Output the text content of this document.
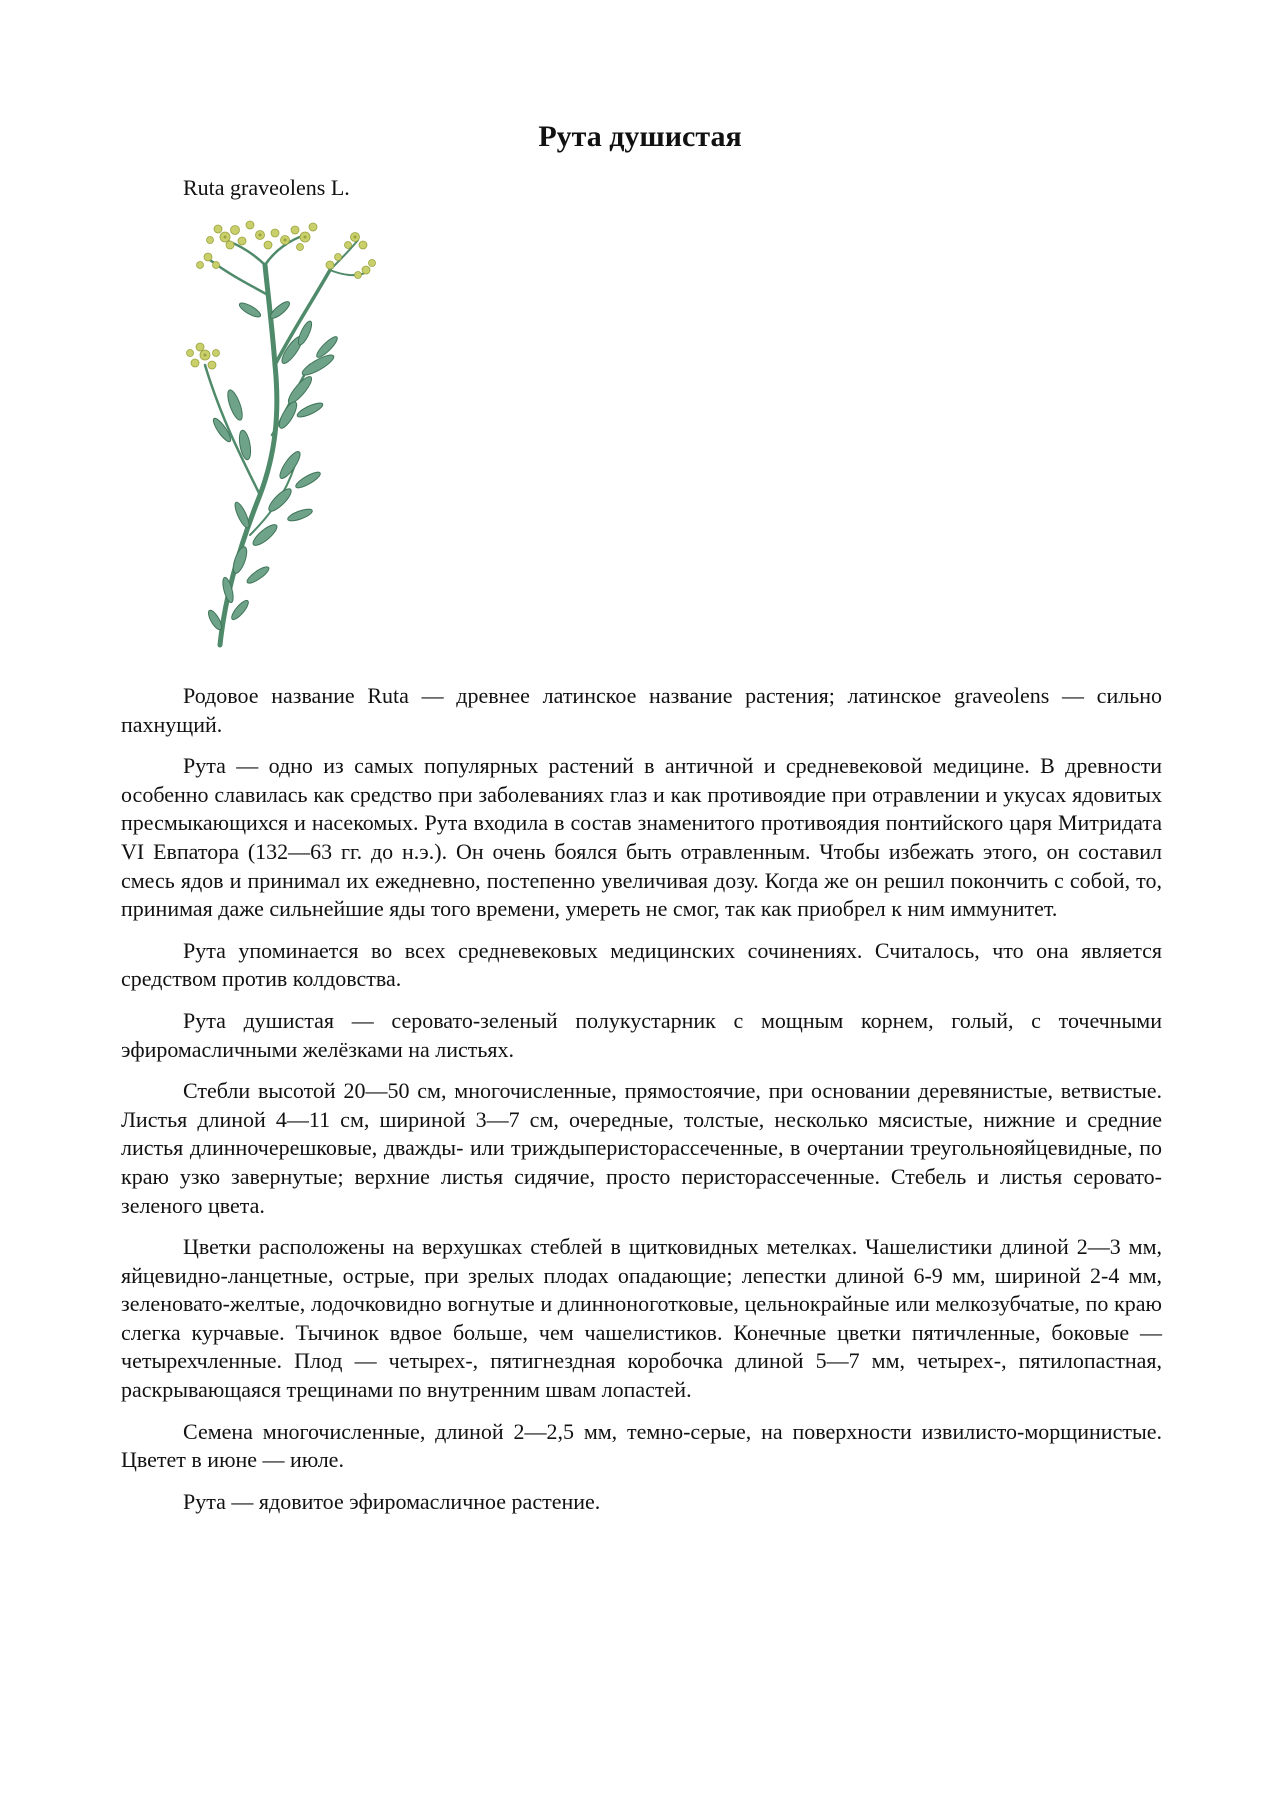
Рута душистая

Ruta graveolens L.

Родовое название Ruta — древнее латинское название растения; латинское graveolens — сильно пахнущий.

Рута — одно из самых популярных растений в античной и средневековой медицине. В древности особенно славилась как средство при заболеваниях глаз и как противоядие при отравлении и укусах ядовитых пресмыкающихся и насекомых. Рута входила в состав знаменитого противоядия понтийского царя Митридата VI Евпатора (132—63 гг. до н.э.). Он очень боялся быть отравленным. Чтобы избежать этого, он составил смесь ядов и принимал их ежедневно, постепенно увеличивая дозу. Когда же он решил покончить с собой, то, принимая даже сильнейшие яды того времени, умереть не смог, так как приобрел к ним иммунитет.

Рута упоминается во всех средневековых медицинских сочинениях. Считалось, что она является средством против колдовства.

Рута душистая — серовато-зеленый полукустарник с мощным корнем, голый, с точечными эфиромасличными желёзками на листьях.

Стебли высотой 20—50 см, многочисленные, прямостоячие, при основании деревянистые, ветвистые. Листья длиной 4—11 см, шириной 3—7 см, очередные, толстые, несколько мясистые, нижние и средние листья длинночерешковые, дважды- или триждыперисторассеченные, в очертании треугольнояйцевидные, по краю узко завернутые; верхние листья сидячие, просто перисторассеченные. Стебель и листья серовато-зеленого цвета.

Цветки расположены на верхушках стеблей в щитковидных метелках. Чашелистики длиной 2—3 мм, яйцевидно-ланцетные, острые, при зрелых плодах опадающие; лепестки длиной 6-9 мм, шириной 2-4 мм, зеленовато-желтые, лодочковидно вогнутые и длинноноготковые, цельнокрайные или мелкозубчатые, по краю слегка курчавые. Тычинок вдвое больше, чем чашелистиков. Конечные цветки пятичленные, боковые — четырехчленные. Плод — четырех-, пятигнездная коробочка длиной 5—7 мм, четырех-, пятилопастная, раскрывающаяся трещинами по внутренним швам лопастей.

Семена многочисленные, длиной 2—2,5 мм, темно-серые, на поверхности извилисто-морщинистые. Цветет в июне — июле.

Рута — ядовитое эфиромасличное растение.
